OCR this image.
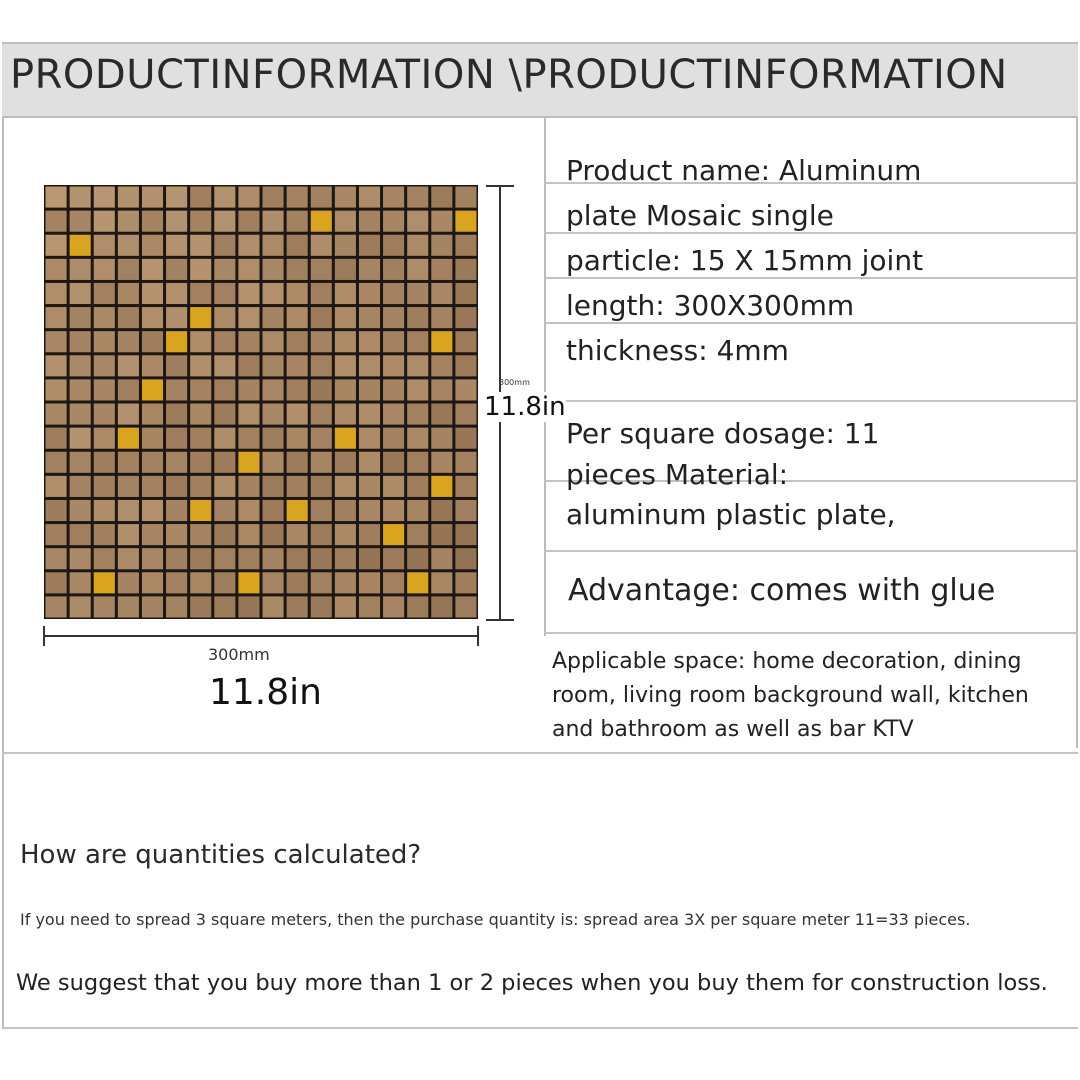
PRODUCTINFORMATION \PRODUCTINFORMATION
Product name: Aluminum
plate Mosaic single
particle: 15 X 15mm joint
length: 300X300mm
thickness: 4mm
Per square dosage: 11
pieces Material:
aluminum plastic plate,
Advantage: comes with glue
Applicable space: home decoration, dining
room, living room background wall, kitchen
and bathroom as well as bar KTV
300mm
11.8in
300mm
11.8in
How are quantities calculated?
If you need to spread 3 square meters, then the purchase quantity is: spread area 3X per square meter 11=33 pieces.
We suggest that you buy more than 1 or 2 pieces when you buy them for construction loss.
